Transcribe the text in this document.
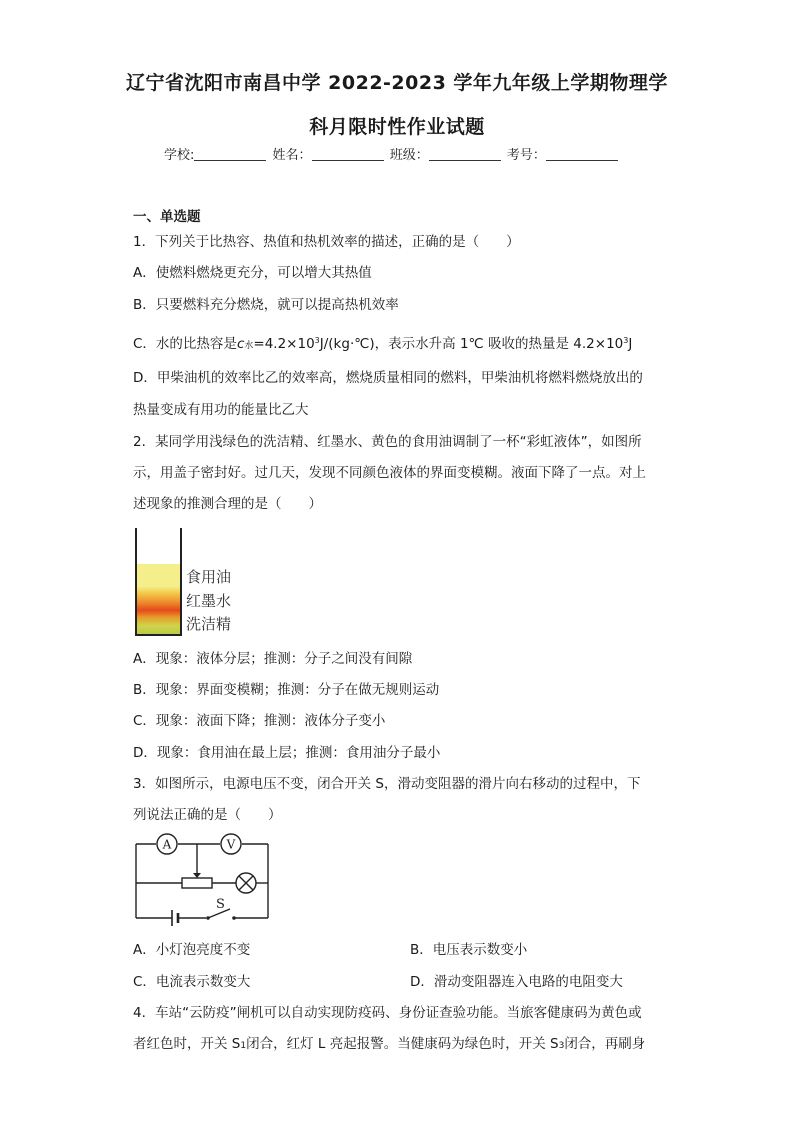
辽宁省沈阳市南昌中学 2022-2023 学年九年级上学期物理学
科月限时性作业试题
学校:	姓名：	班级：	考号：
一、单选题
1．下列关于比热容、热值和热机效率的描述，正确的是（　　）
A．使燃料燃烧更充分，可以增大其热值
B．只要燃料充分燃烧，就可以提高热机效率
C．水的比热容是c水$=4.2\times 10^3J/(kg\cdot℃)$，表示水升高 1℃ 吸收的热量是 $4.2\times 10^3J$
D．甲柴油机的效率比乙的效率高，燃烧质量相同的燃料，甲柴油机将燃料燃烧放出的
热量变成有用功的能量比乙大
2．某同学用浅绿色的洗洁精、红墨水、黄色的食用油调制了一杯“彩虹液体”，如图所
示，用盖子密封好。过几天，发现不同颜色液体的界面变模糊。液面下降了一点。对上
述现象的推测合理的是（　　）
食用油
红墨水
洗洁精
A．现象：液体分层；推测：分子之间没有间隙
B．现象：界面变模糊；推测：分子在做无规则运动
C．现象：液面下降；推测：液体分子变小
D．现象：食用油在最上层；推测：食用油分子最小
3．如图所示，电源电压不变，闭合开关 S，滑动变阻器的滑片向右移动的过程中，下
列说法正确的是（　　）
A	V
S
A．小灯泡亮度不变	B．电压表示数变小
C．电流表示数变大	D．滑动变阻器连入电路的电阻变大
4．车站“云防疫”闸机可以自动实现防疫码、身份证查验功能。当旅客健康码为黄色或
者红色时，开关 S1闭合，红灯 L 亮起报警。当健康码为绿色时，开关 S3闭合，再刷身
